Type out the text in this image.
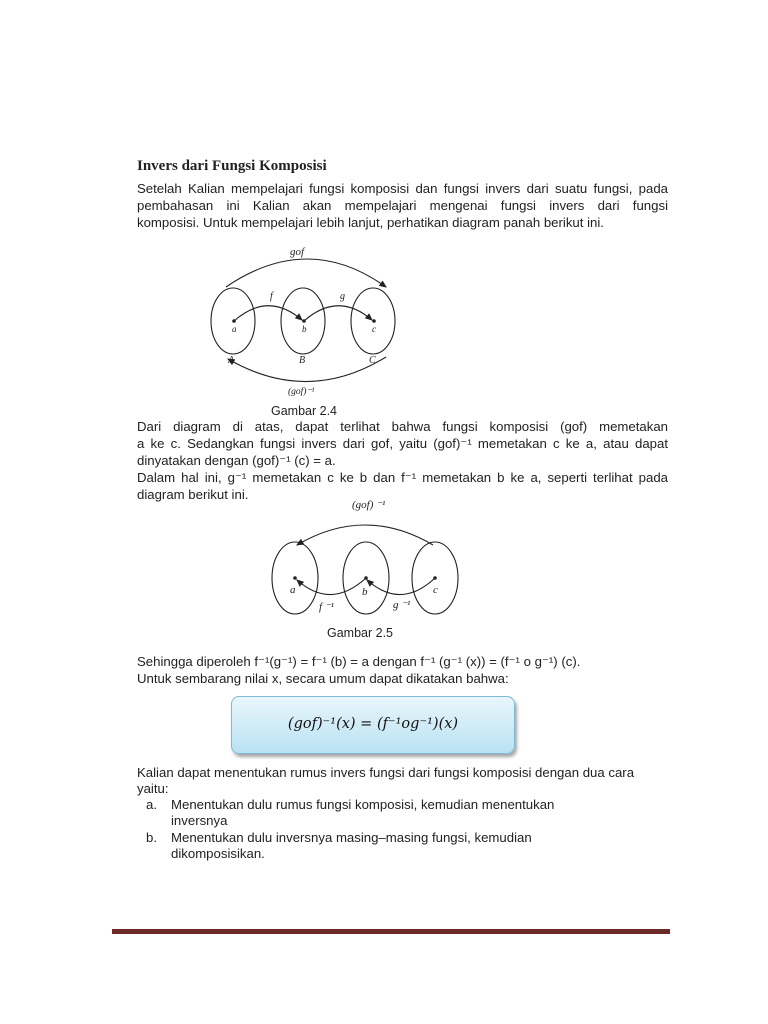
Invers dari Fungsi Komposisi
Setelah Kalian mempelajari fungsi komposisi dan fungsi invers dari suatu fungsi, pada
pembahasan ini Kalian akan mempelajari mengenai fungsi invers dari fungsi
komposisi. Untuk mempelajari lebih lanjut, perhatikan diagram panah berikut ini.
gof
f	g
a	b	c
A	B	C
(gof)⁻¹
Gambar 2.4
Dari diagram di atas, dapat terlihat bahwa fungsi komposisi (gof) memetakan
a ke c. Sedangkan fungsi invers dari gof, yaitu (gof)⁻¹ memetakan c ke a, atau dapat
dinyatakan dengan (gof)⁻¹ (c) = a.
Dalam hal ini, g⁻¹ memetakan c ke b dan f⁻¹ memetakan b ke a, seperti terlihat pada
diagram berikut ini.
(gof) ⁻¹
a	b	c
f ⁻¹	g ⁻¹
Gambar 2.5
Sehingga diperoleh f⁻¹(g⁻¹) = f⁻¹ (b) = a dengan f⁻¹ (g⁻¹ (x)) = (f⁻¹ o g⁻¹) (c).
Untuk sembarang nilai x, secara umum dapat dikatakan bahwa:
(gof)⁻¹(x) = (f⁻¹og⁻¹)(x)
Kalian dapat menentukan rumus invers fungsi dari fungsi komposisi dengan dua cara
yaitu:
a. Menentukan dulu rumus fungsi komposisi, kemudian menentukan
inversnya
b. Menentukan dulu inversnya masing–masing fungsi, kemudian
dikomposisikan.
